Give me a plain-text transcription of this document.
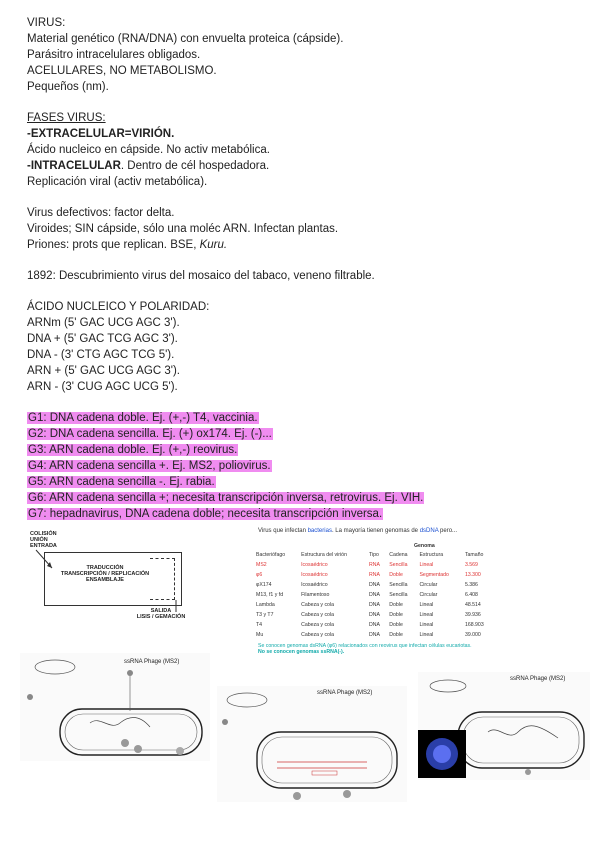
VIRUS:
Material genético (RNA/DNA) con envuelta proteica (cápside).
Parásitro intracelulares obligados.
ACELULARES, NO METABOLISMO.
Pequeños (nm).
FASES VIRUS:
-EXTRACELULAR=VIRIÓN.
Ácido nucleico en cápside. No activ metabólica.
-INTRACELULAR. Dentro de cél hospedadora.
Replicación viral (activ metabólica).
Virus defectivos: factor delta.
Viroides; SIN cápside, sólo una moléc ARN. Infectan plantas.
Priones: prots que replican. BSE, Kuru.
1892: Descubrimiento virus del mosaico del tabaco, veneno filtrable.
ÁCIDO NUCLEICO Y POLARIDAD:
ARNm (5' GAC UCG AGC 3').
DNA + (5' GAC TCG AGC 3').
DNA - (3' CTG AGC TCG 5').
ARN + (5' GAC UCG AGC 3').
ARN - (3' CUG AGC UCG 5').
G1: DNA cadena doble. Ej. (+,-) T4, vaccinia.
G2: DNA cadena sencilla. Ej. (+) ox174. Ej. (-)...
G3: ARN cadena doble. Ej. (+,-) reovirus.
G4: ARN cadena sencilla +. Ej. MS2, poliovirus.
G5: ARN cadena sencilla -. Ej. rabia.
G6: ARN cadena sencilla +; necesita transcripción inversa, retrovirus. Ej. VIH.
G7: hepadnavirus, DNA cadena doble; necesita transcripción inversa.
COLISIÓN
UNIÓN
ENTRADA
TRADUCCIÓN
TRANSCRIPCIÓN / REPLICACIÓN
ENSAMBLAJE
SALIDA
LISIS / GEMACIÓN
Virus que infectan bacterias. La mayoría tienen genomas de dsDNA pero...
Genoma
Bacteriófago	Estructura del virión	Tipo	Cadena	Estructura	Tamaño
MS2	Icosaédrico	RNA	Sencilla	Lineal	3.569
φ6	Icosaédrico	RNA	Doble	Segmentado	13.300
φX174	Icosaédrico	DNA	Sencilla	Circular	5.386
M13, f1 y fd	Filamentoso	DNA	Sencilla	Circular	6.408
Lambda	Cabeza y cola	DNA	Doble	Lineal	48.514
T3 y T7	Cabeza y cola	DNA	Doble	Lineal	39.936
T4	Cabeza y cola	DNA	Doble	Lineal	168.903
Mu	Cabeza y cola	DNA	Doble	Lineal	39.000
Se conocen genomas dsRNA (φ6) relacionados con reovirus que infectan células eucariotas.
No se conocen genomas ssRNA(-).
ssRNA Phage (MS2)
ssRNA Phage (MS2)
ssRNA Phage (MS2)
